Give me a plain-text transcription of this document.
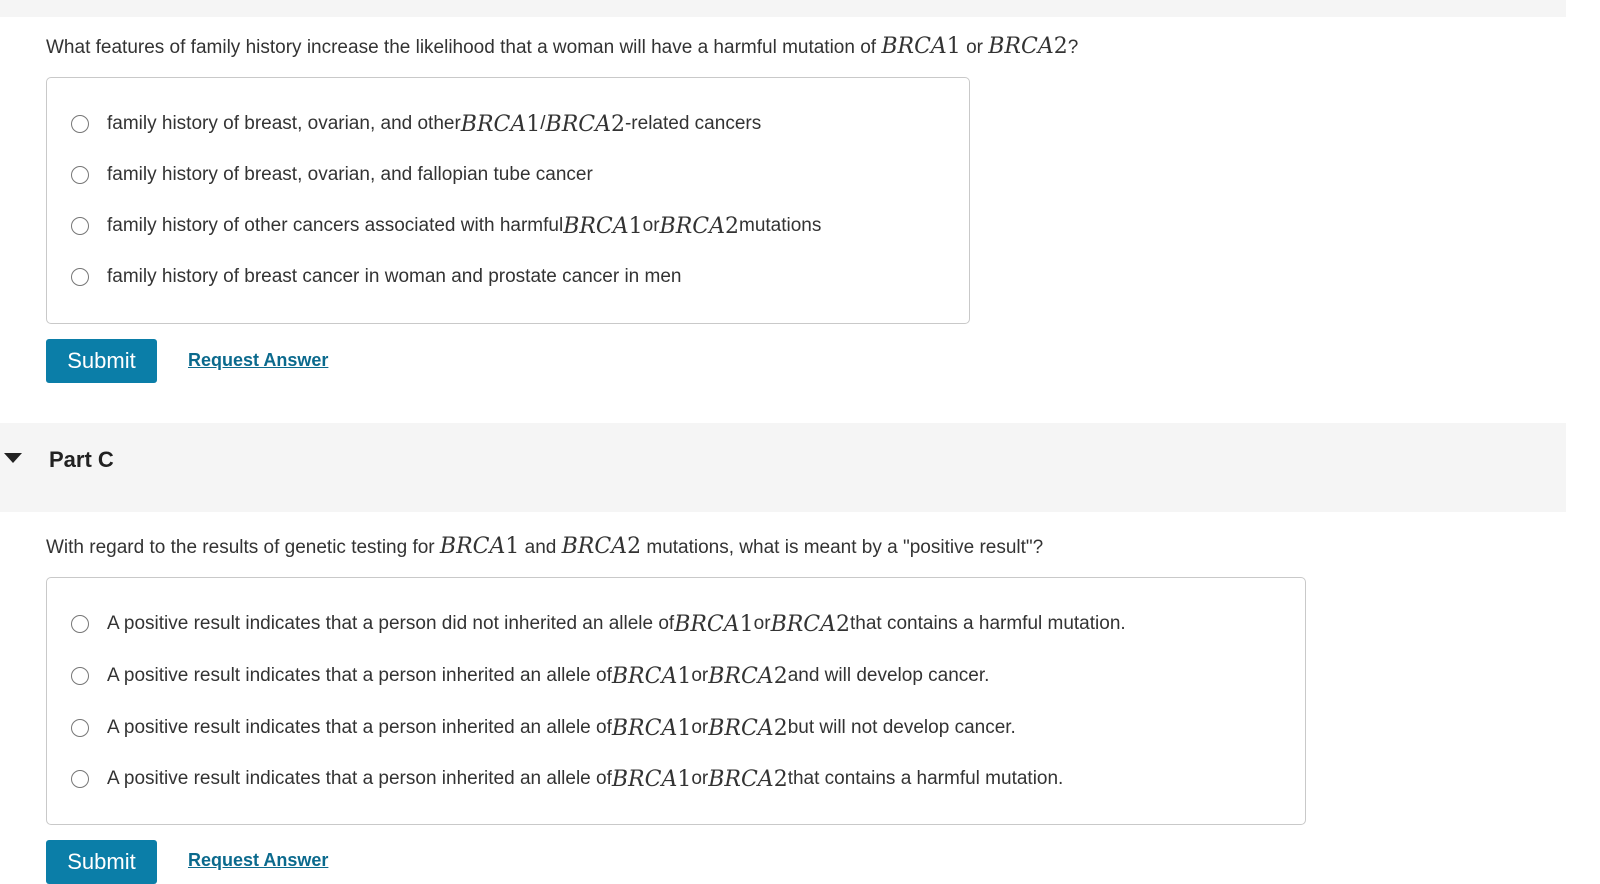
What features of family history increase the likelihood that a woman will have a harmful mutation of BRCA1 or BRCA2?
family history of breast, ovarian, and other BRCA1 / BRCA2 -related cancers
family history of breast, ovarian, and fallopian tube cancer
family history of other cancers associated with harmful BRCA1 or BRCA2 mutations
family history of breast cancer in woman and prostate cancer in men
Submit	Request Answer
Part C
With regard to the results of genetic testing for BRCA1 and BRCA2 mutations, what is meant by a "positive result"?
A positive result indicates that a person did not inherited an allele of BRCA1 or BRCA2 that contains a harmful mutation.
A positive result indicates that a person inherited an allele of BRCA1 or BRCA2 and will develop cancer.
A positive result indicates that a person inherited an allele of BRCA1 or BRCA2 but will not develop cancer.
A positive result indicates that a person inherited an allele of BRCA1 or BRCA2 that contains a harmful mutation.
Submit	Request Answer
